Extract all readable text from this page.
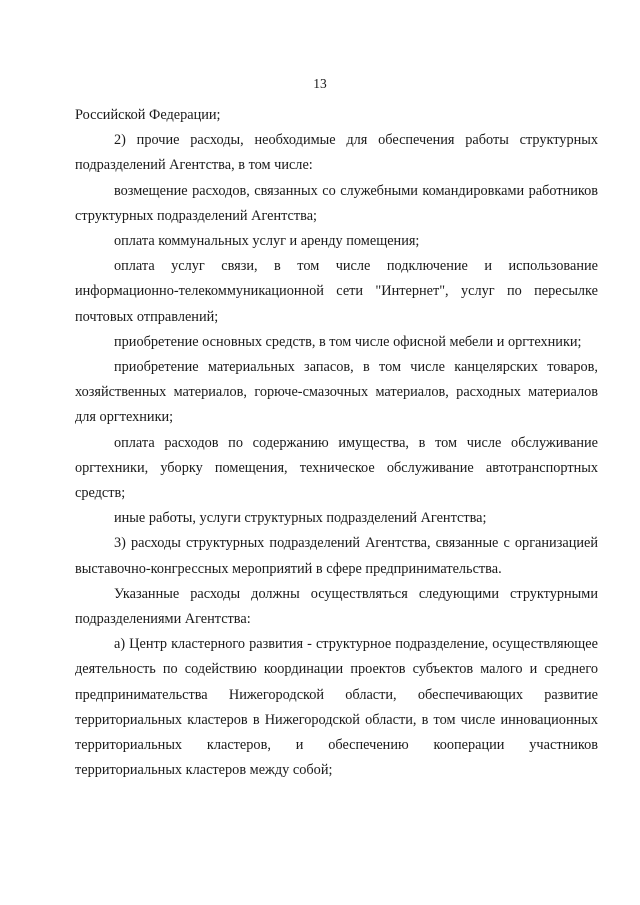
13

Российской Федерации;

2) прочие расходы, необходимые для обеспечения работы структурных подразделений Агентства, в том числе:

возмещение расходов, связанных со служебными командировками работников структурных подразделений Агентства;

оплата коммунальных услуг и аренду помещения;

оплата услуг связи, в том числе подключение и использование информационно-телекоммуникационной сети "Интернет", услуг по пересылке почтовых отправлений;

приобретение основных средств, в том числе офисной мебели и оргтехники;

приобретение материальных запасов, в том числе канцелярских товаров, хозяйственных материалов, горюче-смазочных материалов, расходных материалов для оргтехники;

оплата расходов по содержанию имущества, в том числе обслуживание оргтехники, уборку помещения, техническое обслуживание автотранспортных средств;

иные работы, услуги структурных подразделений Агентства;

3) расходы структурных подразделений Агентства, связанные с организацией выставочно-конгрессных мероприятий в сфере предпринимательства.

Указанные расходы должны осуществляться следующими структурными подразделениями Агентства:

а) Центр кластерного развития - структурное подразделение, осуществляющее деятельность по содействию координации проектов субъектов малого и среднего предпринимательства Нижегородской области, обеспечивающих развитие территориальных кластеров в Нижегородской области, в том числе инновационных территориальных кластеров, и обеспечению кооперации участников территориальных кластеров между собой;
